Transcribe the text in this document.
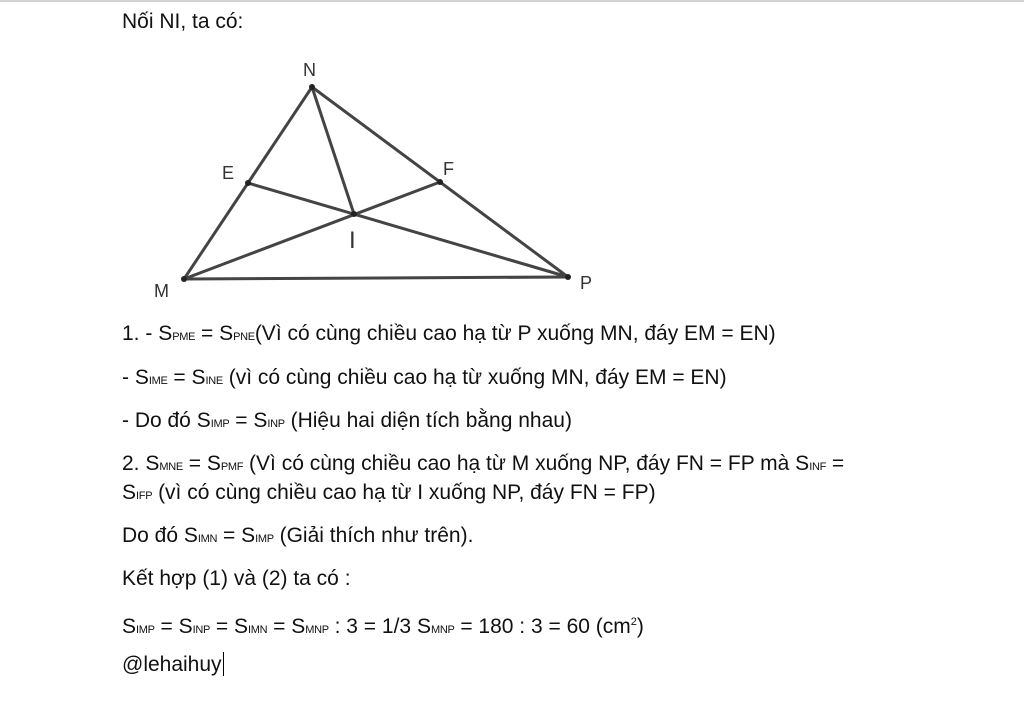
N
E	F
I
M	P
Nối NI, ta có:
1. - SPME = SPNE(Vì có cùng chiều cao hạ từ P xuống MN, đáy EM = EN)
- SIME = SINE (vì có cùng chiều cao hạ từ xuống MN, đáy EM = EN)
- Do đó SIMP = SINP (Hiệu hai diện tích bằng nhau)
2. SMNE = SPMF (Vì có cùng chiều cao hạ từ M xuống NP, đáy FN = FP mà SINF =
SIFP (vì có cùng chiều cao hạ từ I xuống NP, đáy FN = FP)
Do đó SIMN = SIMP (Giải thích như trên).
Kết hợp (1) và (2) ta có :
SIMP = SINP = SIMN = SMNP : 3 = 1/3 SMNP = 180 : 3 = 60 $(cm^2)$
@lehaihuy
